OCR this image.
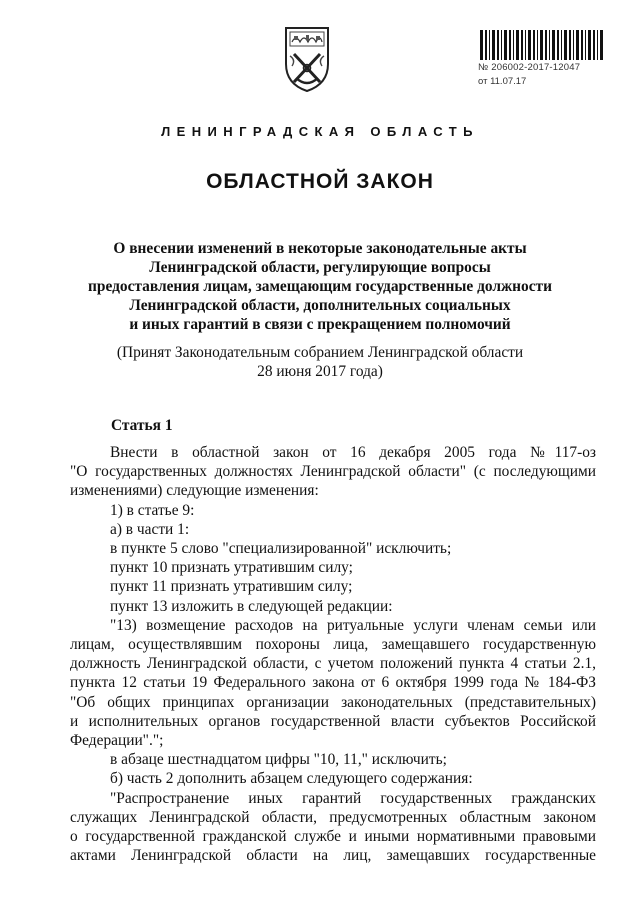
№ 206002-2017-12047
от 11.07.17
ЛЕНИНГРАДСКАЯ ОБЛАСТЬ
ОБЛАСТНОЙ ЗАКОН
О внесении изменений в некоторые законодательные акты
Ленинградской области, регулирующие вопросы
предоставления лицам, замещающим государственные должности
Ленинградской области, дополнительных социальных
и иных гарантий в связи с прекращением полномочий
(Принят Законодательным собранием Ленинградской области
28 июня 2017 года)
Статья 1
Внести в областной закон от 16 декабря 2005 года №117-оз
"О государственных должностях Ленинградской области" (с последующими
изменениями) следующие изменения:
1) в статье 9:
а) в части 1:
в пункте 5 слово "специализированной" исключить;
пункт 10 признать утратившим силу;
пункт 11 признать утратившим силу;
пункт 13 изложить в следующей редакции:
"13) возмещение расходов на ритуальные услуги членам семьи или
лицам, осуществлявшим похороны лица, замещавшего государственную
должность Ленинградской области, с учетом положений пункта 4 статьи 2.1,
пункта 12 статьи 19 Федерального закона от 6 октября 1999 года № 184-ФЗ
"Об общих принципах организации законодательных (представительных)
и исполнительных органов государственной власти субъектов Российской
Федерации".";
в абзаце шестнадцатом цифры "10, 11," исключить;
б) часть 2 дополнить абзацем следующего содержания:
"Распространение иных гарантий государственных гражданских
служащих Ленинградской области, предусмотренных областным законом
о государственной гражданской службе и иными нормативными правовыми
актами Ленинградской области на лиц, замещавших государственные
